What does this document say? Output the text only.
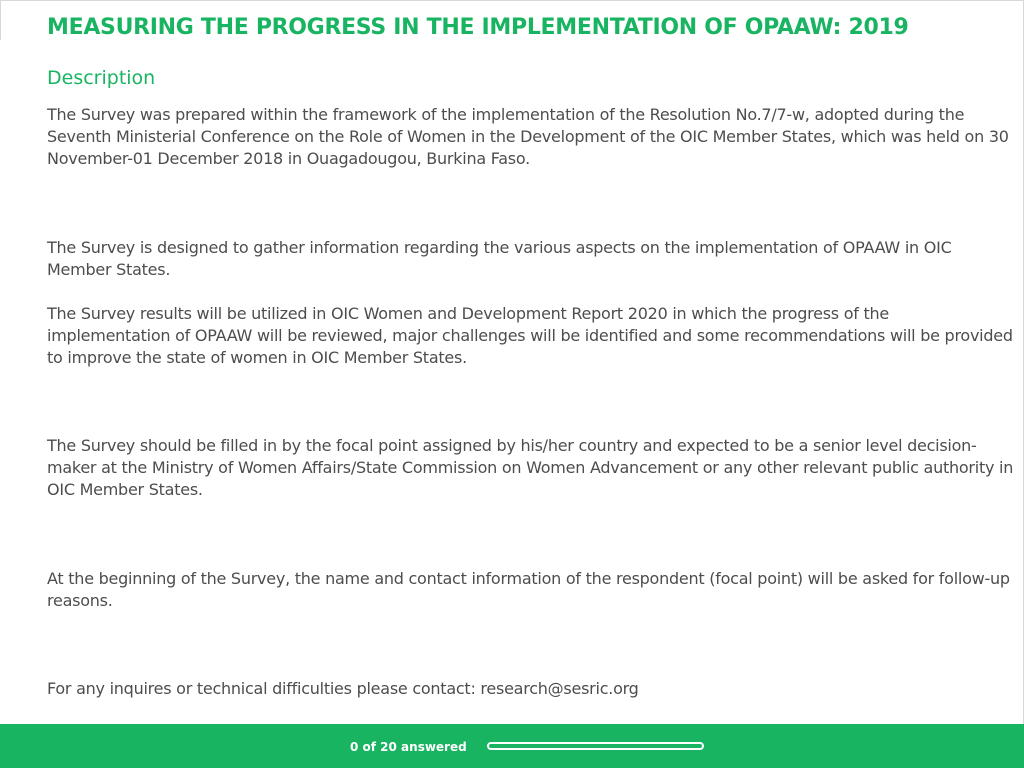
MEASURING THE PROGRESS IN THE IMPLEMENTATION OF OPAAW: 2019
Description

The Survey was prepared within the framework of the implementation of the Resolution No.7/7-w, adopted during the Seventh Ministerial Conference on the Role of Women in the Development of the OIC Member States, which was held on 30 November-01 December 2018 in Ouagadougou, Burkina Faso.

The Survey is designed to gather information regarding the various aspects on the implementation of OPAAW in OIC Member States.

The Survey results will be utilized in OIC Women and Development Report 2020 in which the progress of the implementation of OPAAW will be reviewed, major challenges will be identified and some recommendations will be provided to improve the state of women in OIC Member States.

The Survey should be filled in by the focal point assigned by his/her country and expected to be a senior level decision-maker at the Ministry of Women Affairs/State Commission on Women Advancement or any other relevant public authority in OIC Member States.

At the beginning of the Survey, the name and contact information of the respondent (focal point) will be asked for follow-up reasons.

For any inquires or technical difficulties please contact: research@sesric.org

0 of 20 answered
